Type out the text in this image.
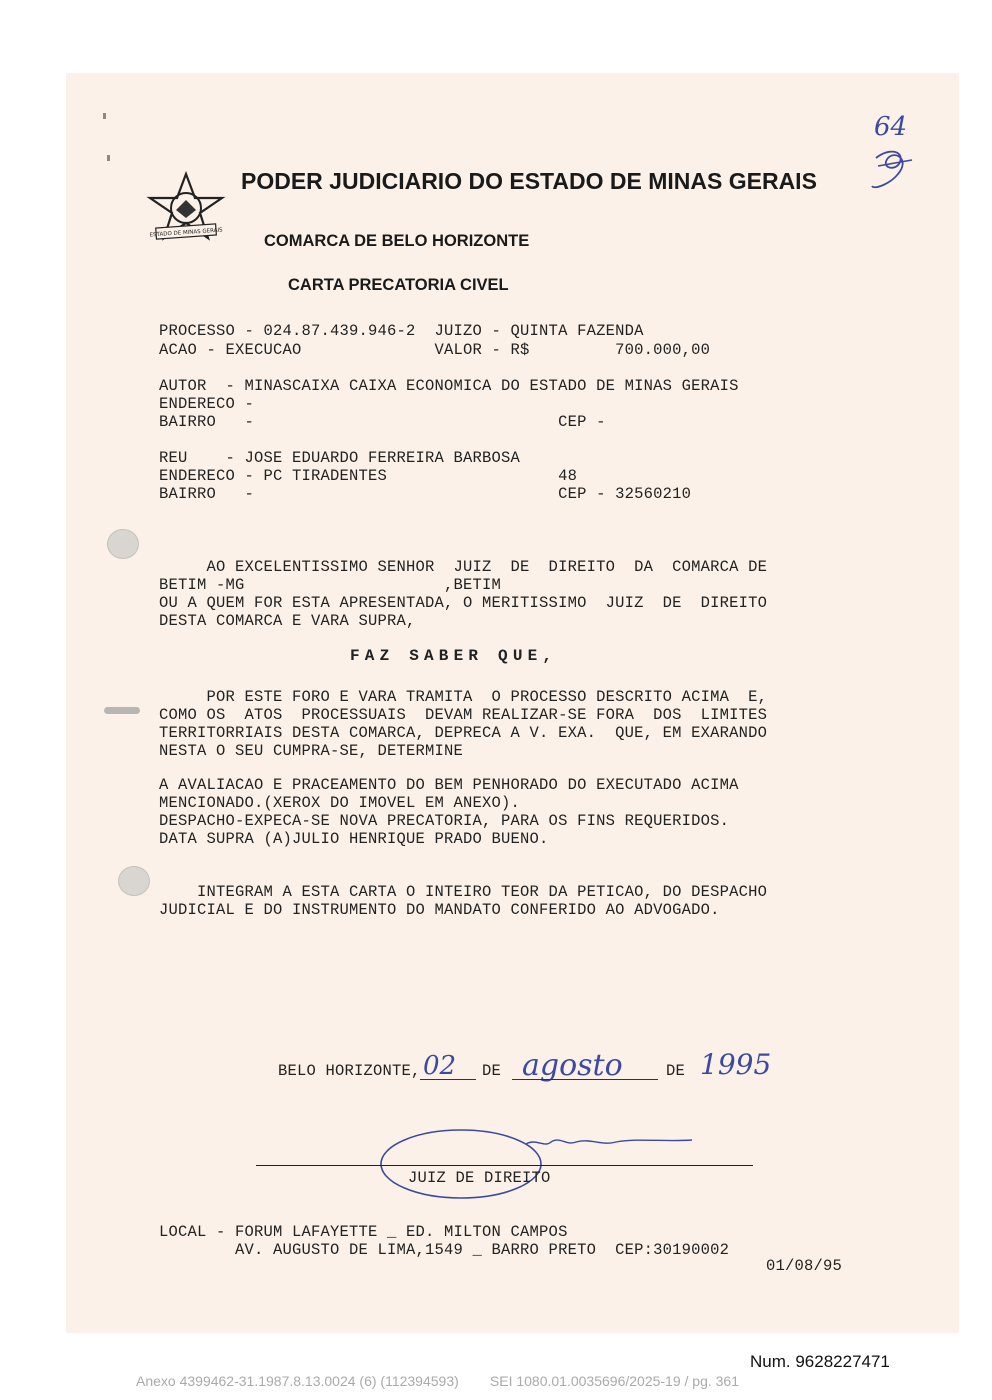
ESTADO DE MINAS GERAIS
PODER JUDICIARIO DO ESTADO DE MINAS GERAIS
COMARCA DE BELO HORIZONTE
CARTA PRECATORIA CIVEL
64
PROCESSO - 024.87.439.946-2  JUIZO - QUINTA FAZENDA
ACAO - EXECUCAO              VALOR - R$         700.000,00
AUTOR  - MINASCAIXA CAIXA ECONOMICA DO ESTADO DE MINAS GERAIS
ENDERECO -
BAIRRO   -                                CEP -
REU    - JOSE EDUARDO FERREIRA BARBOSA
ENDERECO - PC TIRADENTES                  48
BAIRRO   -                                CEP - 32560210
AO EXCELENTISSIMO SENHOR  JUIZ  DE  DIREITO  DA  COMARCA DE
BETIM -MG                     ,BETIM
OU A QUEM FOR ESTA APRESENTADA, O MERITISSIMO  JUIZ  DE  DIREITO
DESTA COMARCA E VARA SUPRA,
FAZ SABER QUE,
POR ESTE FORO E VARA TRAMITA  O PROCESSO DESCRITO ACIMA  E,
COMO OS  ATOS  PROCESSUAIS  DEVAM REALIZAR-SE FORA  DOS  LIMITES
TERRITORRIAIS DESTA COMARCA, DEPRECA A V. EXA.  QUE, EM EXARANDO
NESTA O SEU CUMPRA-SE, DETERMINE
A AVALIACAO E PRACEAMENTO DO BEM PENHORADO DO EXECUTADO ACIMA
MENCIONADO.(XEROX DO IMOVEL EM ANEXO).
DESPACHO-EXPECA-SE NOVA PRECATORIA, PARA OS FINS REQUERIDOS.
DATA SUPRA (A)JULIO HENRIQUE PRADO BUENO.
INTEGRAM A ESTA CARTA O INTEIRO TEOR DA PETICAO, DO DESPACHO
JUDICIAL E DO INSTRUMENTO DO MANDATO CONFERIDO AO ADVOGADO.
BELO HORIZONTE, 02 DE agosto	DE 1995
JUIZ DE DIREITO
LOCAL - FORUM LAFAYETTE _ ED. MILTON CAMPOS
AV. AUGUSTO DE LIMA,1549 _ BARRO PRETO  CEP:30190002
01/08/95
Num. 9628227471
Anexo 4399462-31.1987.8.13.0024 (6) (112394593)        SEI 1080.01.0035696/2025-19 / pg. 361
